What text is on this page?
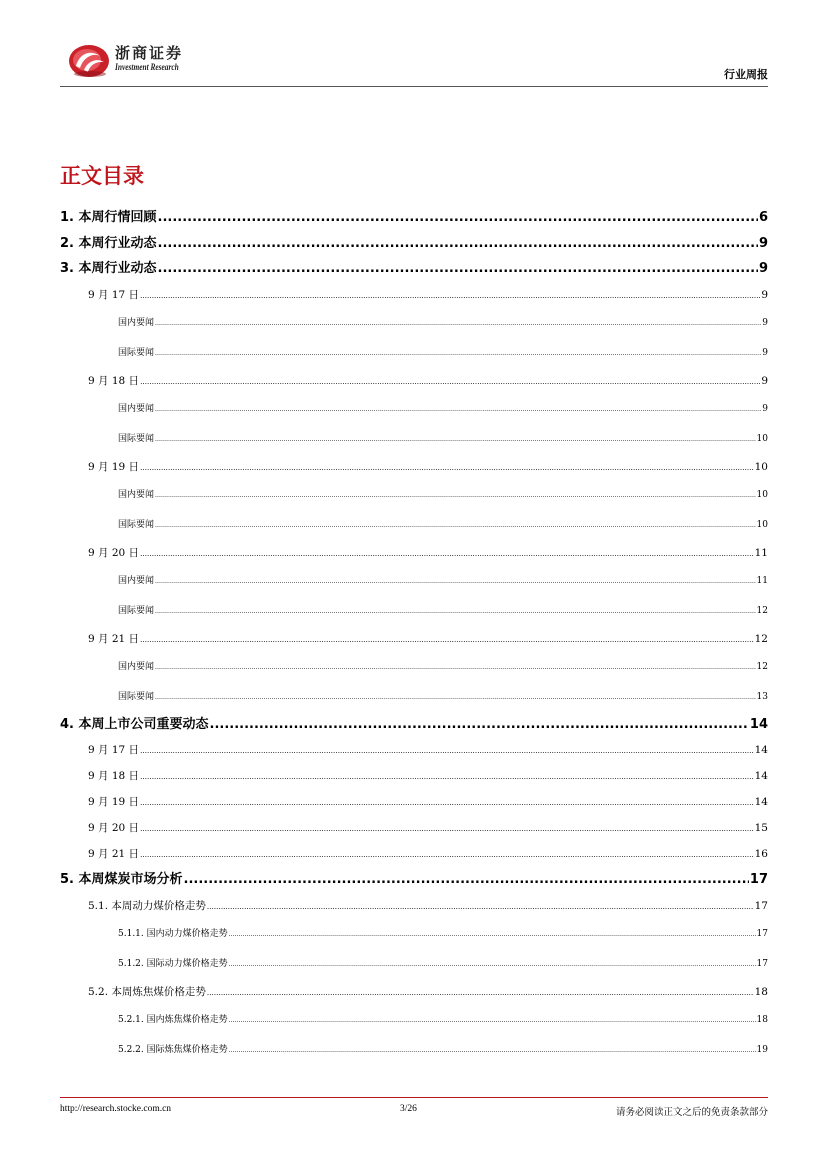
浙商证券
Investment Research
行业周报
正文目录
1. 本周行情回顾 .....	6
2. 本周行业动态 .....	9
3. 本周行业动态 .....	9
9 月 17 日 .....	9
国内要闻 .....	9
国际要闻 .....	9
9 月 18 日 .....	9
国内要闻 .....	9
国际要闻 .....	10
9 月 19 日 .....	10
国内要闻 .....	10
国际要闻 .....	10
9 月 20 日 .....	11
国内要闻 .....	11
国际要闻 .....	12
9 月 21 日 .....	12
国内要闻 .....	12
国际要闻 .....	13
4. 本周上市公司重要动态 .....	14
9 月 17 日 .....	14
9 月 18 日 .....	14
9 月 19 日 .....	14
9 月 20 日 .....	15
9 月 21 日 .....	16
5. 本周煤炭市场分析 .....	17
5.1. 本周动力煤价格走势 .....	17
5.1.1. 国内动力煤价格走势 .....	17
5.1.2. 国际动力煤价格走势 .....	17
5.2. 本周炼焦煤价格走势 .....	18
5.2.1. 国内炼焦煤价格走势 .....	18
5.2.2. 国际炼焦煤价格走势 .....	19
http://research.stocke.com.cn	3/26	请务必阅读正文之后的免责条款部分
